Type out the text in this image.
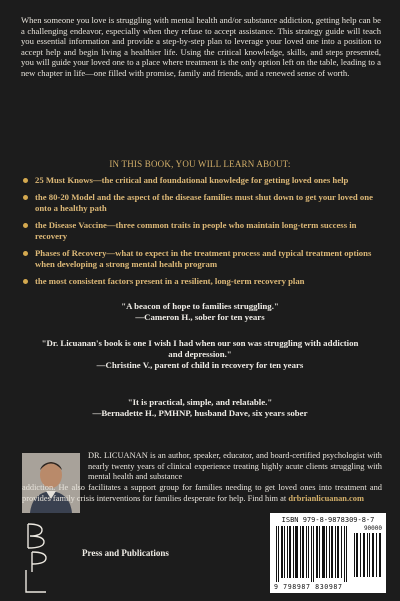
When someone you love is struggling with mental health and/or substance addiction, getting help can be a challenging endeavor, especially when they refuse to accept assistance. This strategy guide will teach you essential information and provide a step-by-step plan to leverage your loved one into a position to accept help and begin living a healthier life. Using the critical knowledge, skills, and steps presented, you will guide your loved one to a place where treatment is the only option left on the table, leading to a new chapter in life—one filled with promise, family and friends, and a renewed sense of worth.

IN THIS BOOK, YOU WILL LEARN ABOUT:

25 Must Knows—the critical and foundational knowledge for getting loved ones help
the 80-20 Model and the aspect of the disease families must shut down to get your loved one onto a healthy path
the Disease Vaccine—three common traits in people who maintain long-term success in recovery
Phases of Recovery—what to expect in the treatment process and typical treatment options when developing a strong mental health program
the most consistent factors present in a resilient, long-term recovery plan
"A beacon of hope to families struggling."
—Cameron H., sober for ten years
"Dr. Licuanan's book is one I wish I had when our son was struggling with addiction and depression."
—Christine V., parent of child in recovery for ten years
"It is practical, simple, and relatable."
—Bernadette H., PMHNP, husband Dave, six years sober

DR. LICUANAN is an author, speaker, educator, and board-certified psychologist with nearly twenty years of clinical experience treating highly acute clients struggling with mental health and substance

addiction. He also facilitates a support group for families needing to get loved ones into treatment and provides family crisis interventions for families desperate for help. Find him at drbrianlicuanan.com

Press and Publications

ISBN 979-8-9878309-8-7
90000
9 798987 830987
